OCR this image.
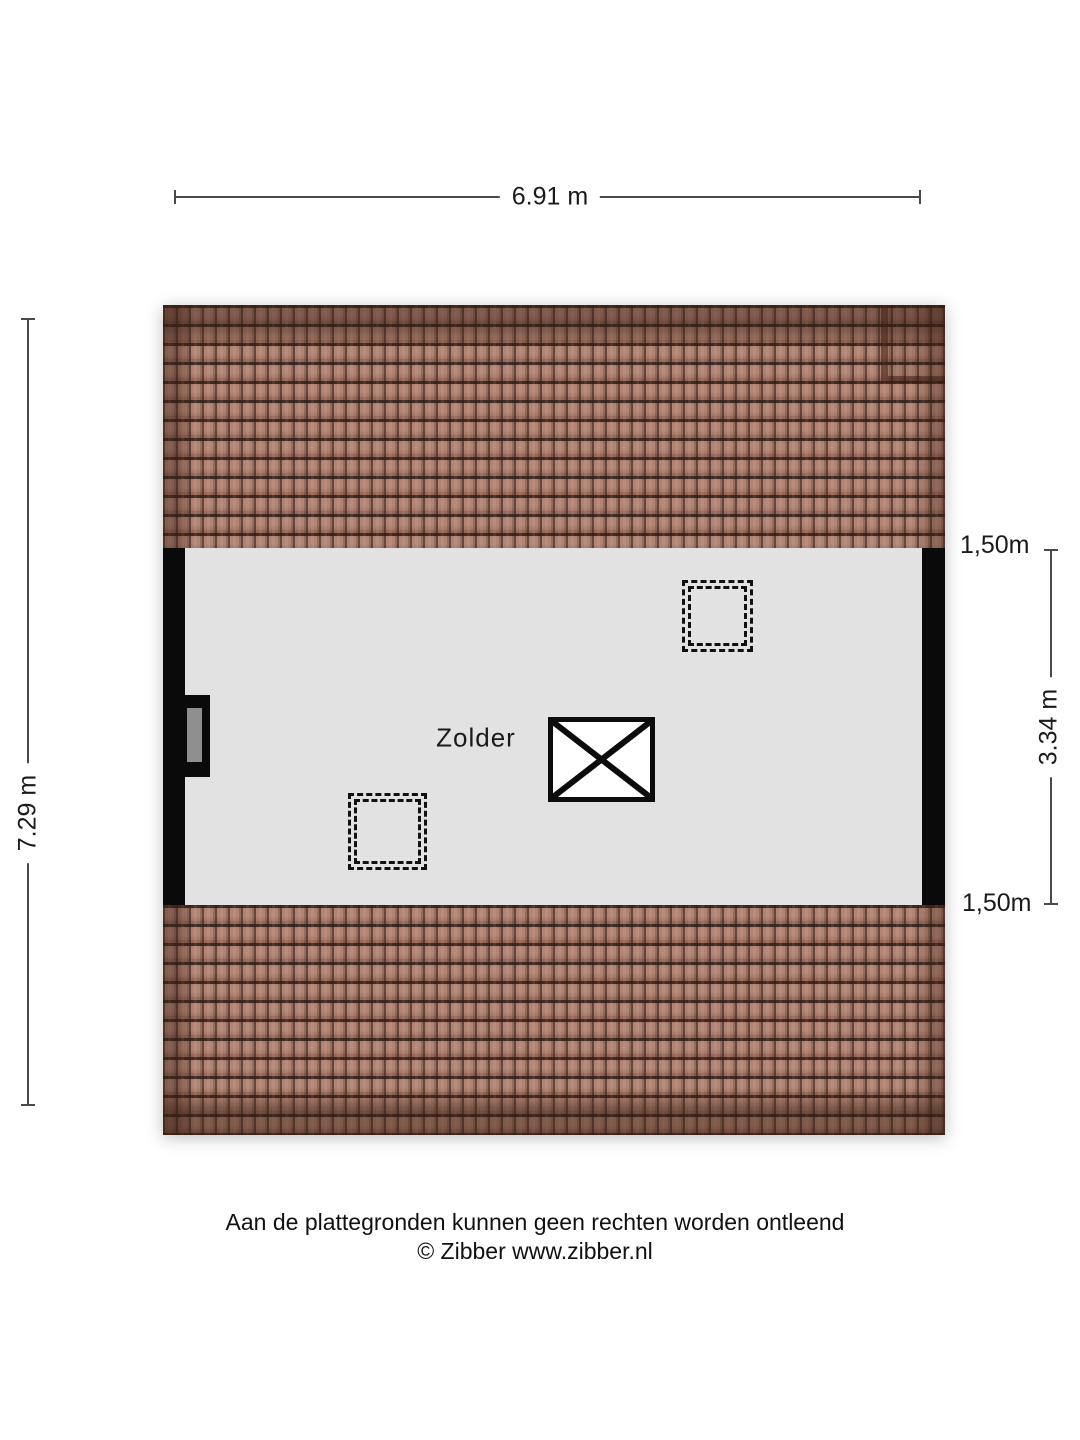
6.91 m
7.29 m
3.34 m
1,50m
1,50m
Zolder
Aan de plattegronden kunnen geen rechten worden ontleend
© Zibber www.zibber.nl
